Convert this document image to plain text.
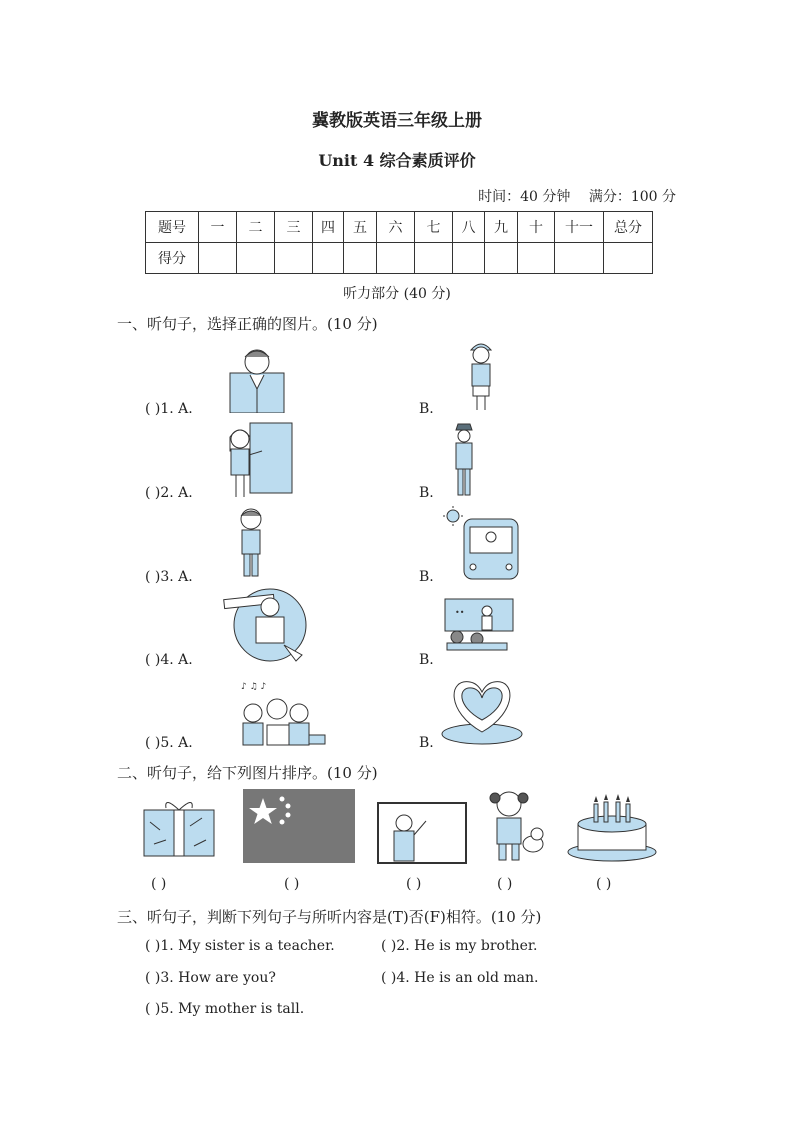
冀教版英语三年级上册
Unit 4 综合素质评价
时间：40 分钟 满分：100 分
题号	一	二	三	四	五	六	七	八	九	十	十一	总分
得分												
听力部分 (40 分)
一、听句子，选择正确的图片。(10 分)
( )1. A.	B.
( )2. A.	B.
( )3. A.	B.
( )4. A.	B.
••
( )5. A.
♪ ♫ ♪
B.
二、听句子，给下列图片排序。(10 分)
( )	( )	( )	( )	( )
三、听句子，判断下列句子与所听内容是(T)否(F)相符。(10 分)
( )1. My sister is a teacher.	( )2. He is my brother.
( )3. How are you?	( )4. He is an old man.
( )5. My mother is tall.
